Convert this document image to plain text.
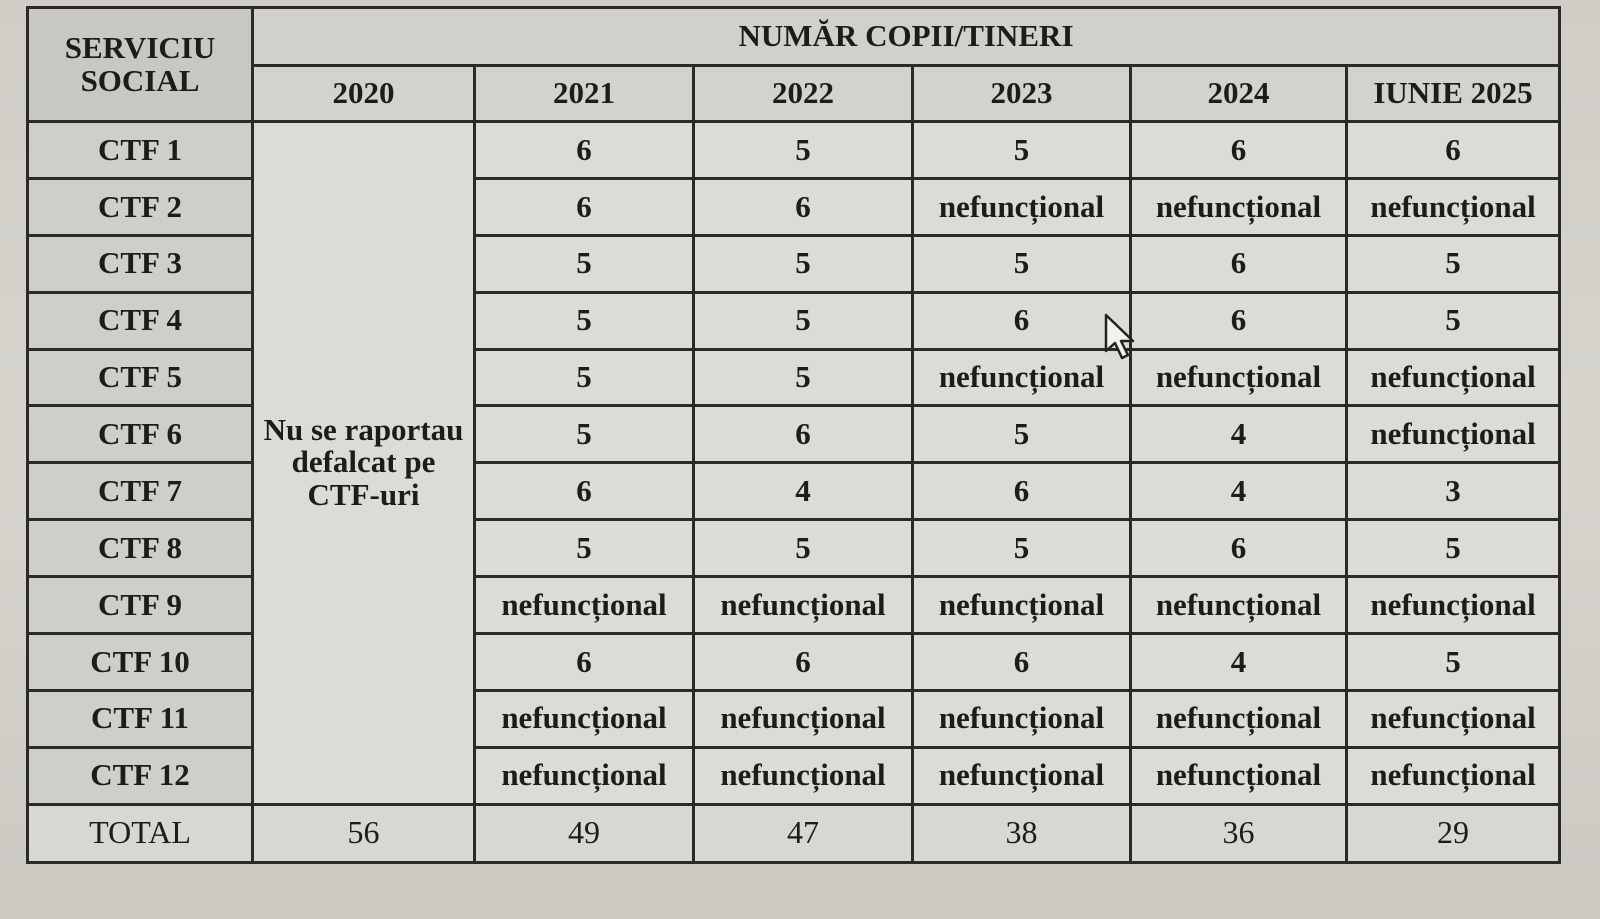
SERVICIU SOCIAL	NUMĂR COPII/TINERI					
	2020	2021	2022	2023	2024	IUNIE 2025
CTF 1	Nu se raportau defalcat pe CTF-uri	6	5	5	6	6
CTF 2		6	6	nefuncțional	nefuncțional	nefuncțional
CTF 3		5	5	5	6	5
CTF 4		5	5	6	6	5
CTF 5		5	5	nefuncțional	nefuncțional	nefuncțional
CTF 6		5	6	5	4	nefuncțional
CTF 7		6	4	6	4	3
CTF 8		5	5	5	6	5
CTF 9		nefuncțional	nefuncțional	nefuncțional	nefuncțional	nefuncțional
CTF 10		6	6	6	4	5
CTF 11		nefuncțional	nefuncțional	nefuncțional	nefuncțional	nefuncțional
CTF 12		nefuncțional	nefuncțional	nefuncțional	nefuncțional	nefuncțional
TOTAL	56	49	47	38	36	29
